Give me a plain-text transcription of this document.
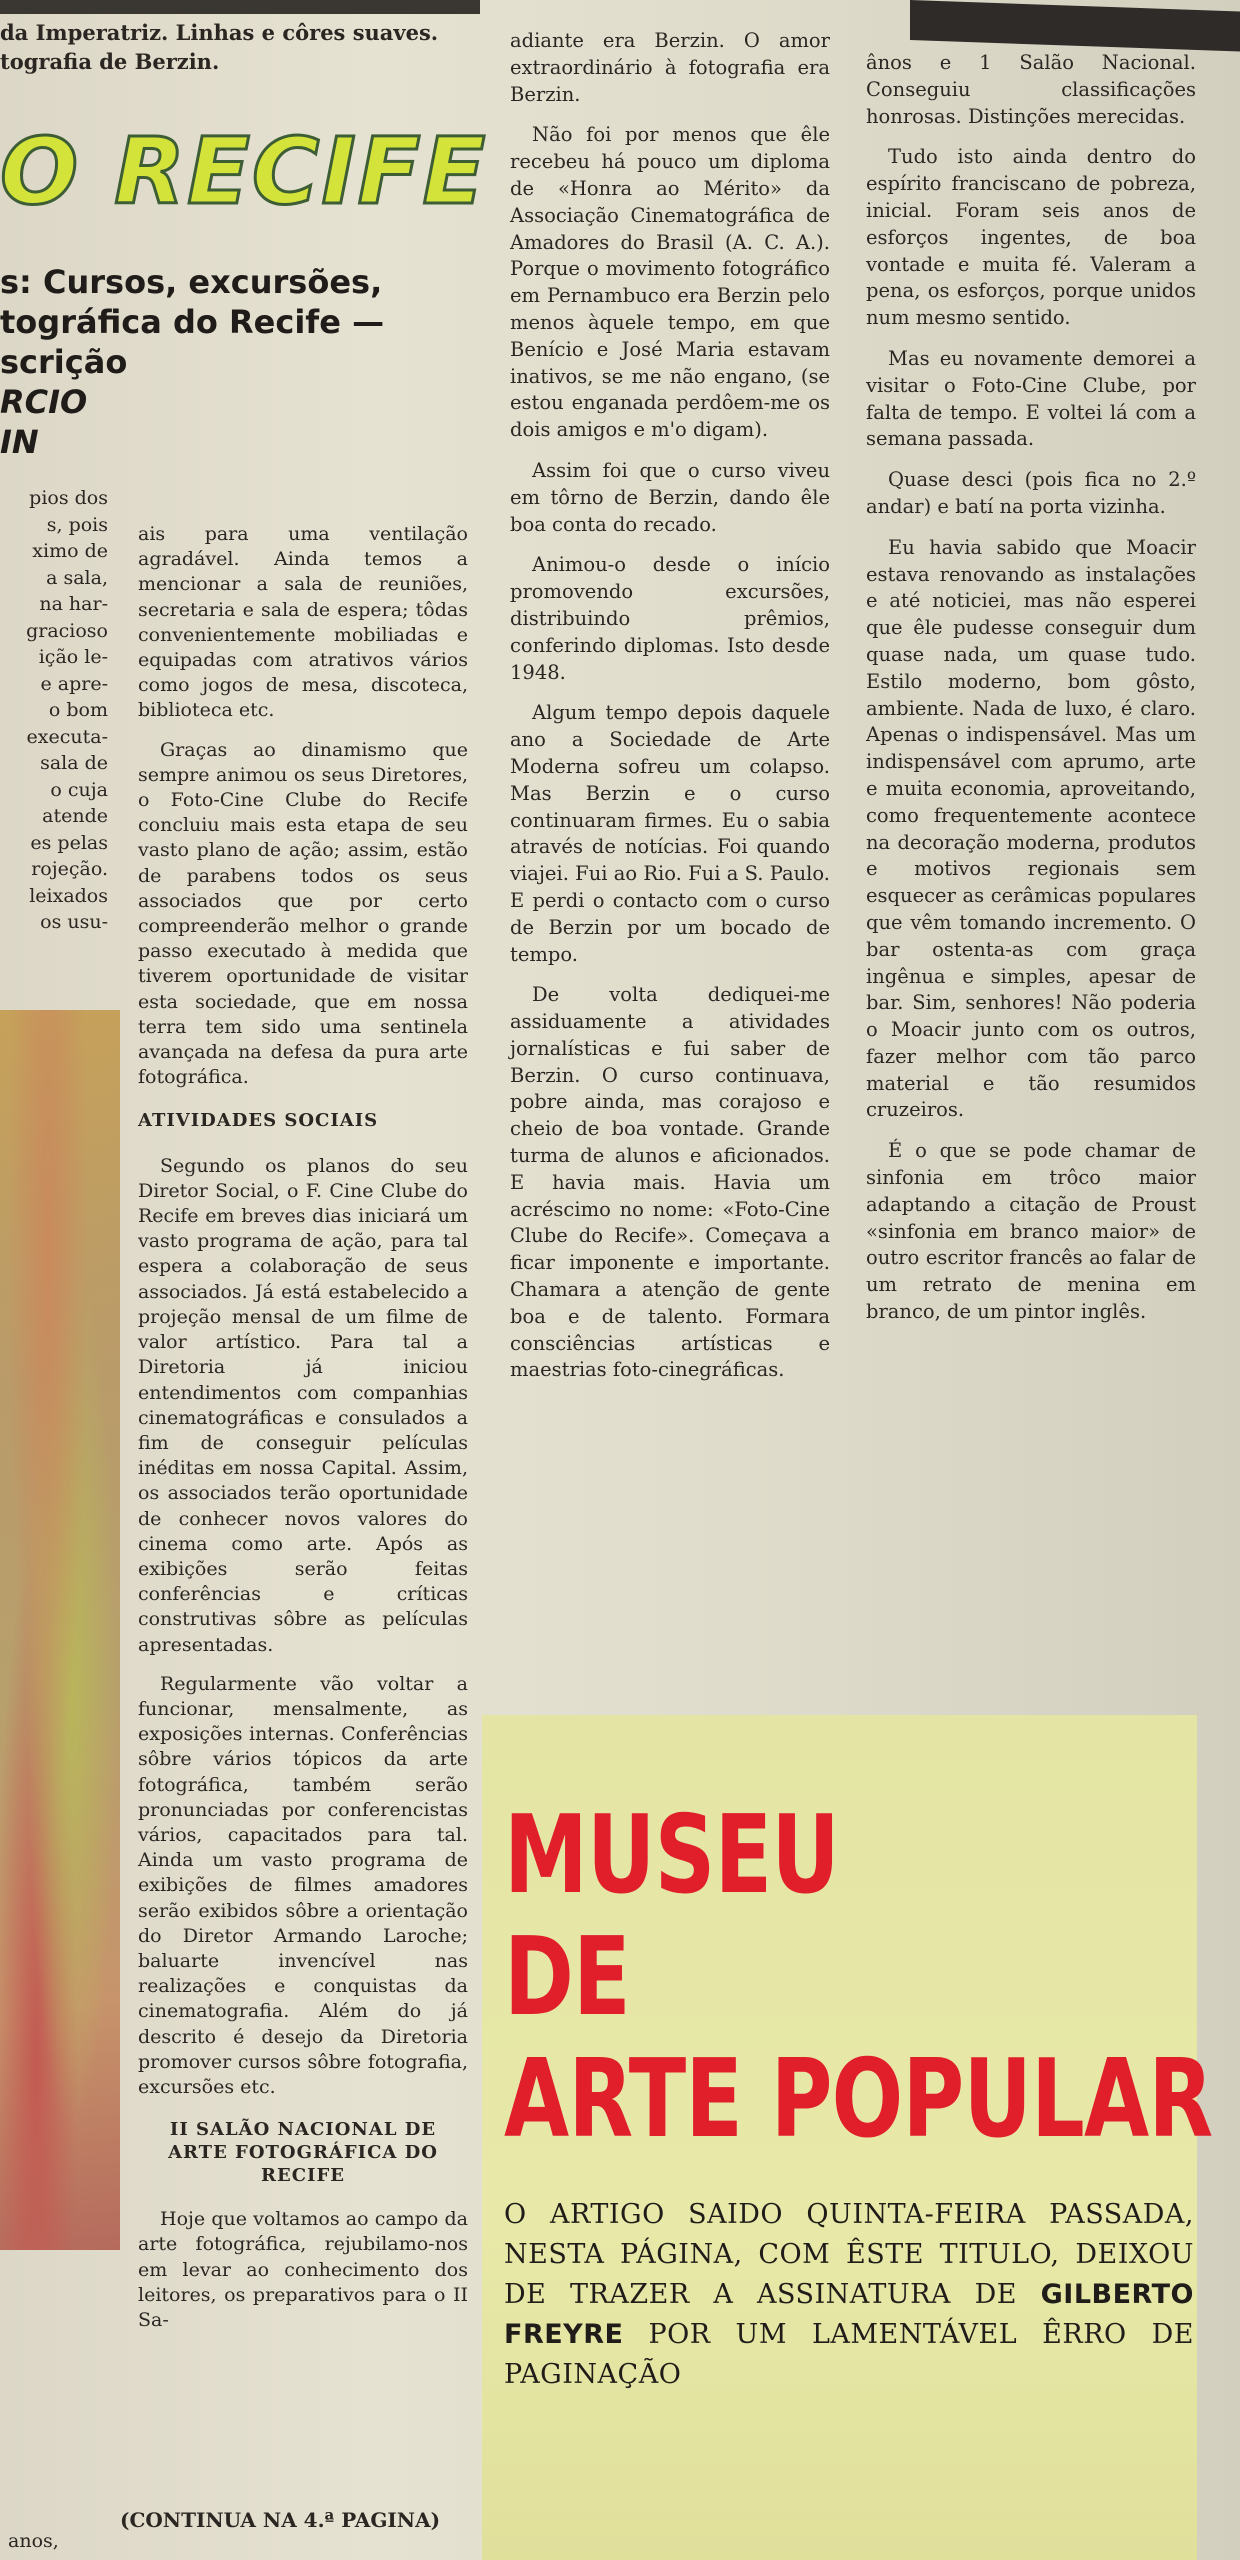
da Imperatriz. Linhas e côres suaves.
tografia de Berzin.
O RECIFE
s: Cursos, excursões,
tográfica do Recife —
scrição
RCIO
IN
pios dos
s, pois
ximo de
a sala,
na har-
gracioso
ição le-
e apre-
o bom
executa-
sala de
o cuja
atende
es pelas
rojeção.
leixados
os usu-
anos,

ais para uma ventilação agradável. Ainda temos a mencionar a sala de reuniões, secretaria e sala de espera; tôdas convenientemente mobiliadas e equipadas com atrativos vários como jogos de mesa, discoteca, biblioteca etc.

Graças ao dinamismo que sempre animou os seus Diretores, o Foto-Cine Clube do Recife concluiu mais esta etapa de seu vasto plano de ação; assim, estão de parabens todos os seus associados que por certo compreenderão melhor o grande passo executado à medida que tiverem oportunidade de visitar esta sociedade, que em nossa terra tem sido uma sentinela avançada na defesa da pura arte fotográfica.

ATIVIDADES SOCIAIS

Segundo os planos do seu Diretor Social, o F. Cine Clube do Recife em breves dias iniciará um vasto programa de ação, para tal espera a colaboração de seus associados. Já está estabelecido a projeção mensal de um filme de valor artístico. Para tal a Diretoria já iniciou entendimentos com companhias cinematográficas e consulados a fim de conseguir películas inéditas em nossa Capital. Assim, os associados terão oportunidade de conhecer novos valores do cinema como arte. Após as exibições serão feitas conferências e críticas construtivas sôbre as películas apresentadas.

Regularmente vão voltar a funcionar, mensalmente, as exposições internas. Conferências sôbre vários tópicos da arte fotográfica, também serão pronunciadas por conferencistas vários, capacitados para tal. Ainda um vasto programa de exibições de filmes amadores serão exibidos sôbre a orientação do Diretor Armando Laroche; baluarte invencível nas realizações e conquistas da cinematografia. Além do já descrito é desejo da Diretoria promover cursos sôbre fotografia, excursões etc.

II SALÃO NACIONAL DE ARTE FOTOGRÁFICA DO RECIFE

Hoje que voltamos ao campo da arte fotográfica, rejubilamo-nos em levar ao conhecimento dos leitores, os preparativos para o II Sa-

(CONTINUA NA 4.ª PAGINA)

adiante era Berzin. O amor extraordinário à fotografia era Berzin.

Não foi por menos que êle recebeu há pouco um diploma de «Honra ao Mérito» da Associação Cinematográfica de Amadores do Brasil (A. C. A.). Porque o movimento fotográfico em Pernambuco era Berzin pelo menos àquele tempo, em que Benício e José Maria estavam inativos, se me não engano, (se estou enganada perdôem-me os dois amigos e m'o digam).

Assim foi que o curso viveu em tôrno de Berzin, dando êle boa conta do recado.

Animou-o desde o início promovendo excursões, distribuindo prêmios, conferindo diplomas. Isto desde 1948.

Algum tempo depois daquele ano a Sociedade de Arte Moderna sofreu um colapso. Mas Berzin e o curso continuaram firmes. Eu o sabia através de notícias. Foi quando viajei. Fui ao Rio. Fui a S. Paulo. E perdi o contacto com o curso de Berzin por um bocado de tempo.

De volta dediquei-me assiduamente a atividades jornalísticas e fui saber de Berzin. O curso continuava, pobre ainda, mas corajoso e cheio de boa vontade. Grande turma de alunos e aficionados. E havia mais. Havia um acréscimo no nome: «Foto-Cine Clube do Recife». Começava a ficar imponente e importante. Chamara a atenção de gente boa e de talento. Formara consciências artísticas e maestrias foto-cinegráficas.

ânos e 1 Salão Nacional. Conseguiu classificações honrosas. Distinções merecidas.

Tudo isto ainda dentro do espírito franciscano de pobreza, inicial. Foram seis anos de esforços ingentes, de boa vontade e muita fé. Valeram a pena, os esforços, porque unidos num mesmo sentido.

Mas eu novamente demorei a visitar o Foto-Cine Clube, por falta de tempo. E voltei lá com a semana passada.

Quase desci (pois fica no 2.º andar) e batí na porta vizinha.

Eu havia sabido que Moacir estava renovando as instalações e até noticiei, mas não esperei que êle pudesse conseguir dum quase nada, um quase tudo. Estilo moderno, bom gôsto, ambiente. Nada de luxo, é claro. Apenas o indispensável. Mas um indispensável com aprumo, arte e muita economia, aproveitando, como frequentemente acontece na decoração moderna, produtos e motivos regionais sem esquecer as cerâmicas populares que vêm tomando incremento. O bar ostenta-as com graça ingênua e simples, apesar de bar. Sim, senhores! Não poderia o Moacir junto com os outros, fazer melhor com tão parco material e tão resumidos cruzeiros.

É o que se pode chamar de sinfonia em trôco maior adaptando a citação de Proust «sinfonia em branco maior» de outro escritor francês ao falar de um retrato de menina em branco, de um pintor inglês.

MUSEU
DE
ARTE POPULAR
O ARTIGO SAIDO QUINTA-FEIRA PASSADA, NESTA PÁGINA, COM ÊSTE TITULO, DEIXOU DE TRAZER A ASSINATURA DE GILBERTO FREYRE POR UM LAMENTÁVEL ÊRRO DE PAGINAÇÃO
